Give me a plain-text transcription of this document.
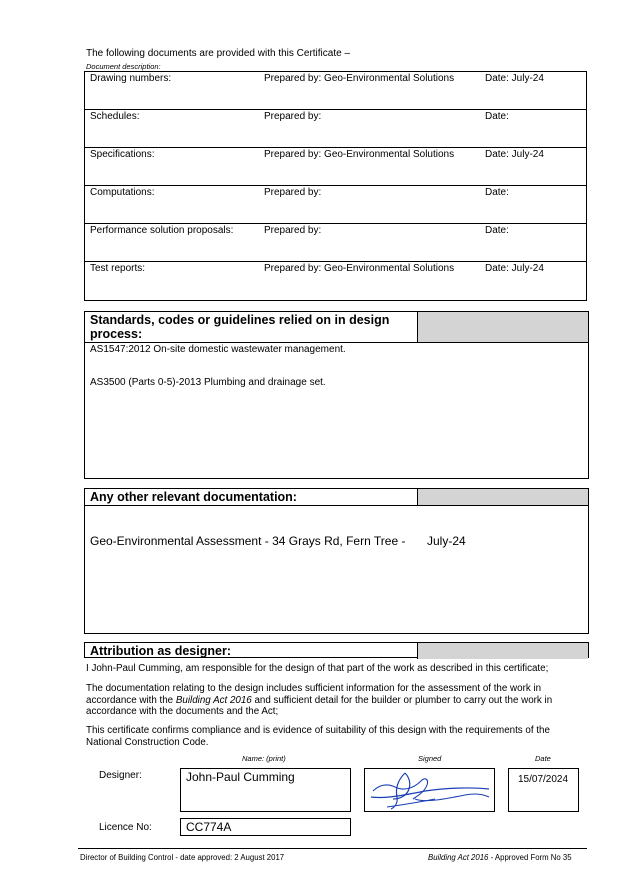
The following documents are provided with this Certificate –
Document description:
Drawing numbers:	Prepared by: Geo-Environmental Solutions	Date: July-24
Schedules:	Prepared by:	Date:
Specifications:	Prepared by: Geo-Environmental Solutions	Date: July-24
Computations:	Prepared by:	Date:
Performance solution proposals:	Prepared by:	Date:
Test reports:	Prepared by: Geo-Environmental Solutions	Date: July-24
Standards, codes or guidelines relied on in design process:
AS1547:2012 On-site domestic wastewater management.
AS3500 (Parts 0-5)-2013 Plumbing and drainage set.
Any other relevant documentation:
Geo-Environmental Assessment - 34 Grays Rd, Fern Tree - July-24
Attribution as designer:
I John-Paul Cumming, am responsible for the design of that part of the work as described in this certificate;
The documentation relating to the design includes sufficient information for the assessment of the work in accordance with the Building Act 2016 and sufficient detail for the builder or plumber to carry out the work in accordance with the documents and the Act;
This certificate confirms compliance and is evidence of suitability of this design with the requirements of the National Construction Code.
Name: (print)	Signed	Date
Designer:	John-Paul Cumming	15/07/2024
Licence No:	CC774A
Director of Building Control - date approved: 2 August 2017	Building Act 2016 - Approved Form No 35
